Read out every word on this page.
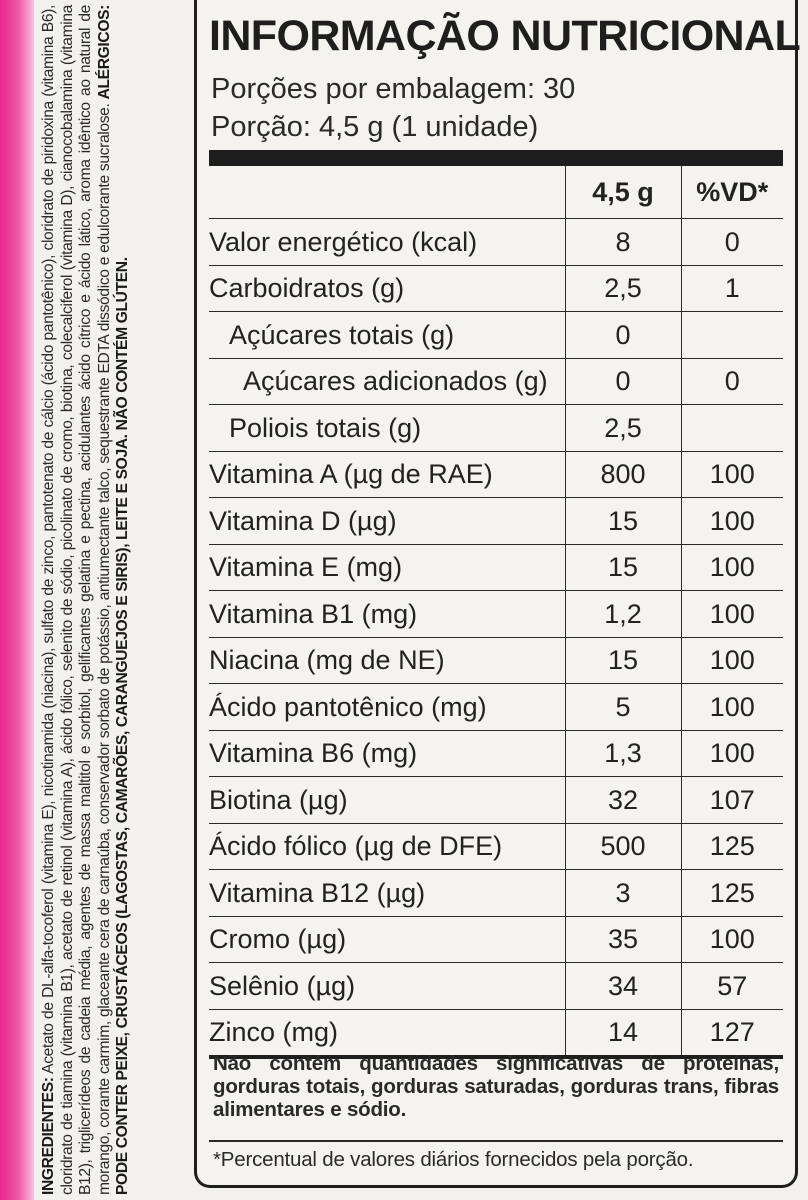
INGREDIENTES: Acetato de DL-alfa-tocoferol (vitamina E), nicotinamida (niacina), sulfato de zinco, pantotenato de cálcio (ácido pantotênico), cloridrato de piridoxina (vitamina B6), cloridrato de tiamina (vitamina B1), acetato de retinol (vitamina A), ácido fólico, selenito de sódio, picolinato de cromo, biotina, colecalciferol (vitamina D), cianocobalamina (vitamina B12), triglicerídeos de cadeia média, agentes de massa maltitol e sorbitol, gelificantes gelatina e pectina, acidulantes ácido cítrico e ácido lático, aroma idêntico ao natural de morango, corante carmim, glaceante cera de carnaúba, conservador sorbato de potássio, antiumectante talco, sequestrante EDTA dissódico e edulcorante sucralose. ALÉRGICOS: PODE CONTER PEIXE, CRUSTÁCEOS (LAGOSTAS, CAMARÕES, CARANGUEJOS E SIRIS), LEITE E SOJA. NÃO CONTÉM GLÚTEN.

INFORMAÇÃO NUTRICIONAL
Porções por embalagem: 30
Porção: 4,5 g (1 unidade)
	4,5 g	%VD*
Valor energético (kcal)	8	0
Carboidratos (g)	2,5	1
Açúcares totais (g)	0	
Açúcares adicionados (g)	0	0
Poliois totais (g)	2,5	
Vitamina A (µg de RAE)	800	100
Vitamina D (µg)	15	100
Vitamina E (mg)	15	100
Vitamina B1 (mg)	1,2	100
Niacina (mg de NE)	15	100
Ácido pantotênico (mg)	5	100
Vitamina B6 (mg)	1,3	100
Biotina (µg)	32	107
Ácido fólico (µg de DFE)	500	125
Vitamina B12 (µg)	3	125
Cromo (µg)	35	100
Selênio (µg)	34	57
Zinco (mg)	14	127

Não contém quantidades significativas de proteínas, gorduras totais, gorduras saturadas, gorduras trans, fibras alimentares e sódio.

*Percentual de valores diários fornecidos pela porção.
